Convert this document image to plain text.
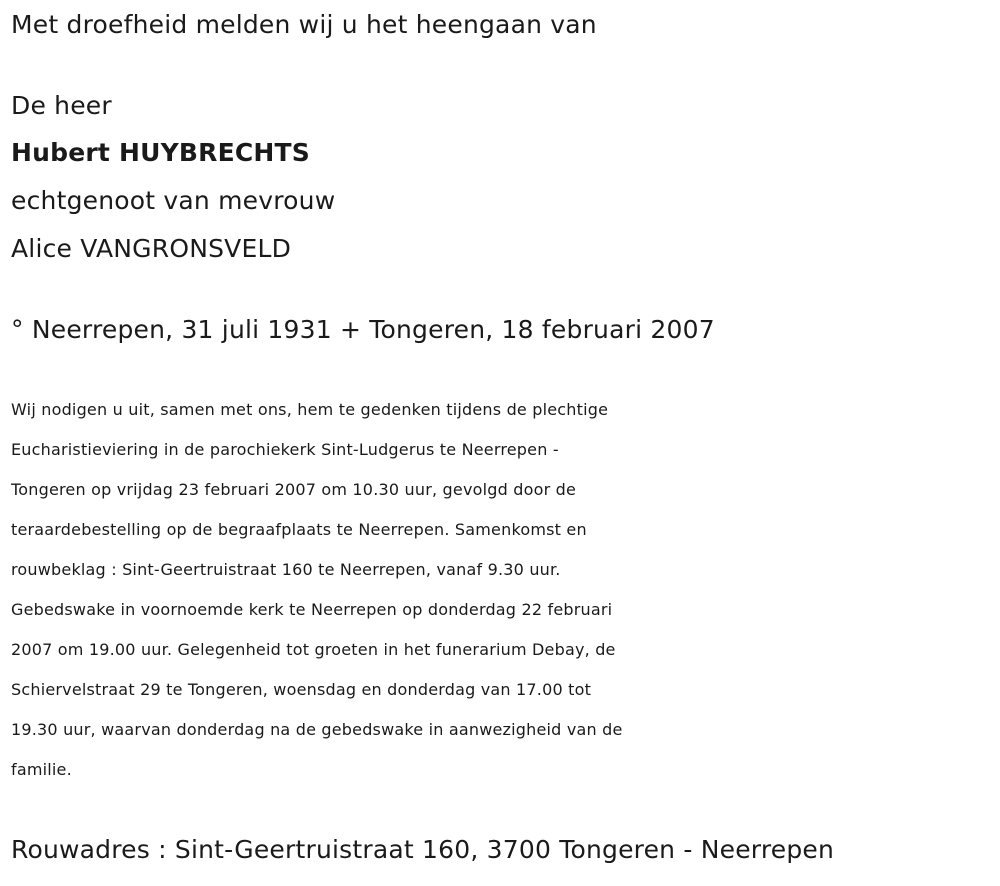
Met droefheid melden wij u het heengaan van
De heer
Hubert HUYBRECHTS
echtgenoot van mevrouw
Alice VANGRONSVELD
° Neerrepen, 31 juli 1931 + Tongeren, 18 februari 2007
Wij nodigen u uit, samen met ons, hem te gedenken tijdens de plechtige
Eucharistieviering in de parochiekerk Sint-Ludgerus te Neerrepen -
Tongeren op vrijdag 23 februari 2007 om 10.30 uur, gevolgd door de
teraardebestelling op de begraafplaats te Neerrepen. Samenkomst en
rouwbeklag : Sint-Geertruistraat 160 te Neerrepen, vanaf 9.30 uur.
Gebedswake in voornoemde kerk te Neerrepen op donderdag 22 februari
2007 om 19.00 uur. Gelegenheid tot groeten in het funerarium Debay, de
Schiervelstraat 29 te Tongeren, woensdag en donderdag van 17.00 tot
19.30 uur, waarvan donderdag na de gebedswake in aanwezigheid van de
familie.
Rouwadres : Sint-Geertruistraat 160, 3700 Tongeren - Neerrepen
